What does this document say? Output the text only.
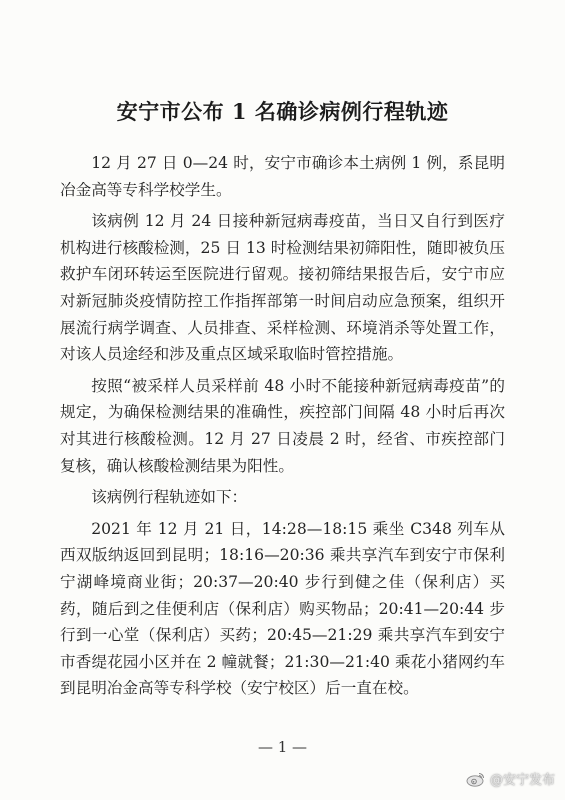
安宁市公布 1 名确诊病例行程轨迹

12 月 27 日 0—24 时，安宁市确诊本土病例 1 例，系昆明冶金高等专科学校学生。

该病例 12 月 24 日接种新冠病毒疫苗，当日又自行到医疗机构进行核酸检测，25 日 13 时检测结果初筛阳性，随即被负压救护车闭环转运至医院进行留观。接初筛结果报告后，安宁市应对新冠肺炎疫情防控工作指挥部第一时间启动应急预案，组织开展流行病学调查、人员排查、采样检测、环境消杀等处置工作，对该人员途经和涉及重点区域采取临时管控措施。

按照“被采样人员采样前 48 小时不能接种新冠病毒疫苗”的规定，为确保检测结果的准确性，疾控部门间隔 48 小时后再次对其进行核酸检测。12 月 27 日凌晨 2 时，经省、市疾控部门复核，确认核酸检测结果为阳性。

该病例行程轨迹如下：

2021 年 12 月 21 日，14:28—18:15 乘坐 C348 列车从西双版纳返回到昆明；18:16—20:36 乘共享汽车到安宁市保利宁湖峰境商业街；20:37—20:40 步行到健之佳（保利店）买药，随后到之佳便利店（保利店）购买物品；20:41—20:44 步行到一心堂（保利店）买药；20:45—21:29 乘共享汽车到安宁市香缇花园小区并在 2 幢就餐；21:30—21:40 乘花小猪网约车到昆明冶金高等专科学校（安宁校区）后一直在校。

— 1 —
@安宁发布
